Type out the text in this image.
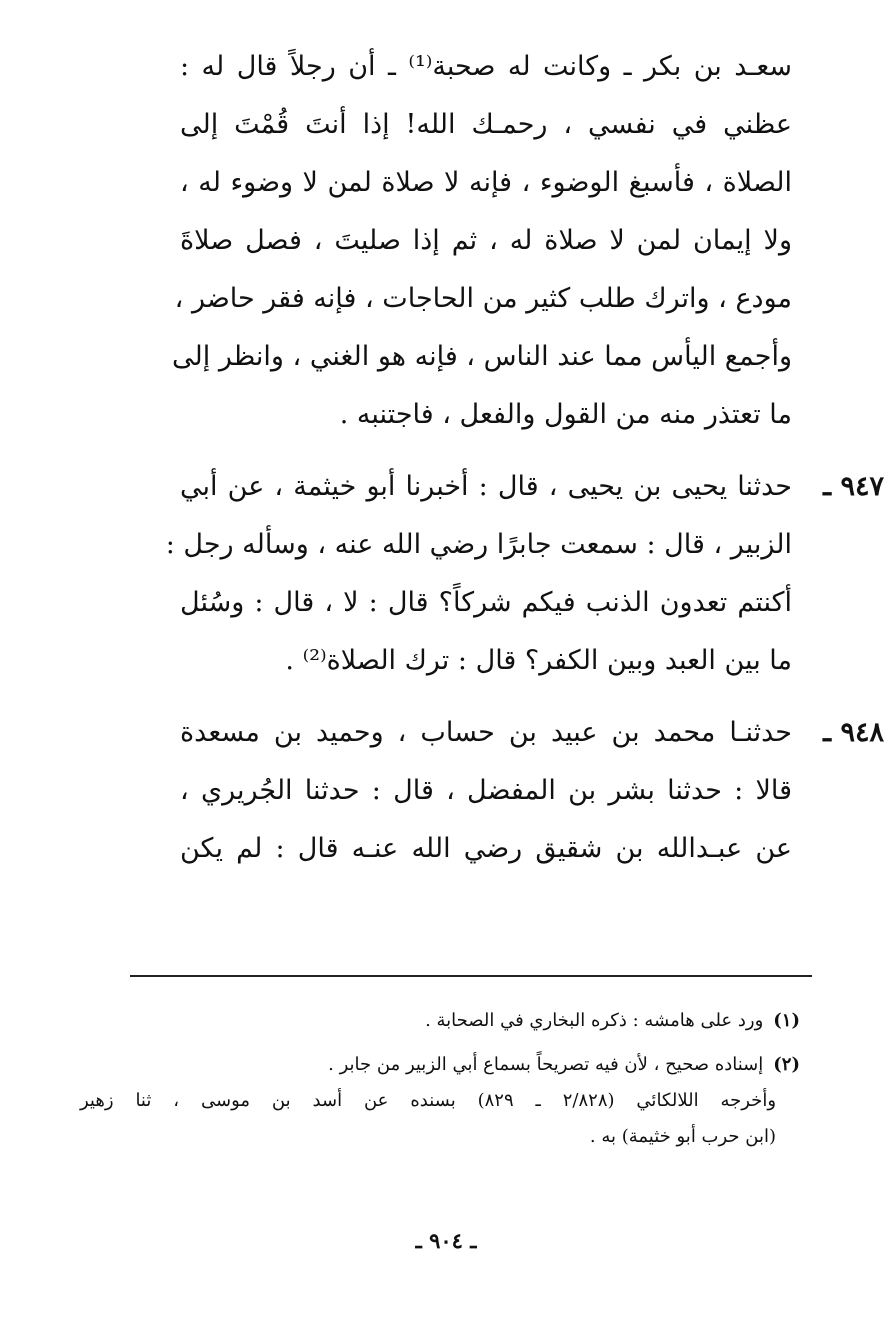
سعـد بن بكر ـ وكانت له صحبة⁽¹⁾ ـ أن رجلاً قال له :
عظني في نفسي ، رحمـك الله! إذا أنتَ قُمْتَ إلى
الصلاة ، فأسبغ الوضوء ، فإنه لا صلاة لمن لا وضوء له ،
ولا إيمان لمن لا صلاة له ، ثم إذا صليتَ ، فصل صلاةَ
مودع ، واترك طلب كثير من الحاجات ، فإنه فقر حاضر ،
وأجمع اليأس مما عند الناس ، فإنه هو الغني ، وانظر إلى
ما تعتذر منه من القول والفعل ، فاجتنبه .
٩٤٧ ـ
حدثنا يحيى بن يحيى ، قال : أخبرنا أبو خيثمة ، عن أبي
الزبير ، قال : سمعت جابرًا رضي الله عنه ، وسأله رجل :
أكنتم تعدون الذنب فيكم شركاً؟ قال : لا ، قال : وسُئل
ما بين العبد وبين الكفر؟ قال : ترك الصلاة⁽²⁾ .
٩٤٨ ـ
حدثنـا محمد بن عبيد بن حساب ، وحميد بن مسعدة
قالا : حدثنا بشر بن المفضل ، قال : حدثنا الجُريري ،
عن عبـدالله بن شقيق رضي الله عنـه قال : لم يكن
(١)ورد على هامشه : ذكره البخاري في الصحابة .
(٢)إسناده صحيح ، لأن فيه تصريحاً بسماع أبي الزبير من جابر .
وأخرجه اللالكائي (٢/٨٢٨ ـ ٨٢٩) بسنده عن أسد بن موسى ، ثنا زهير
(ابن حرب أبو خثيمة) به .
ـ ٩٠٤ ـ
